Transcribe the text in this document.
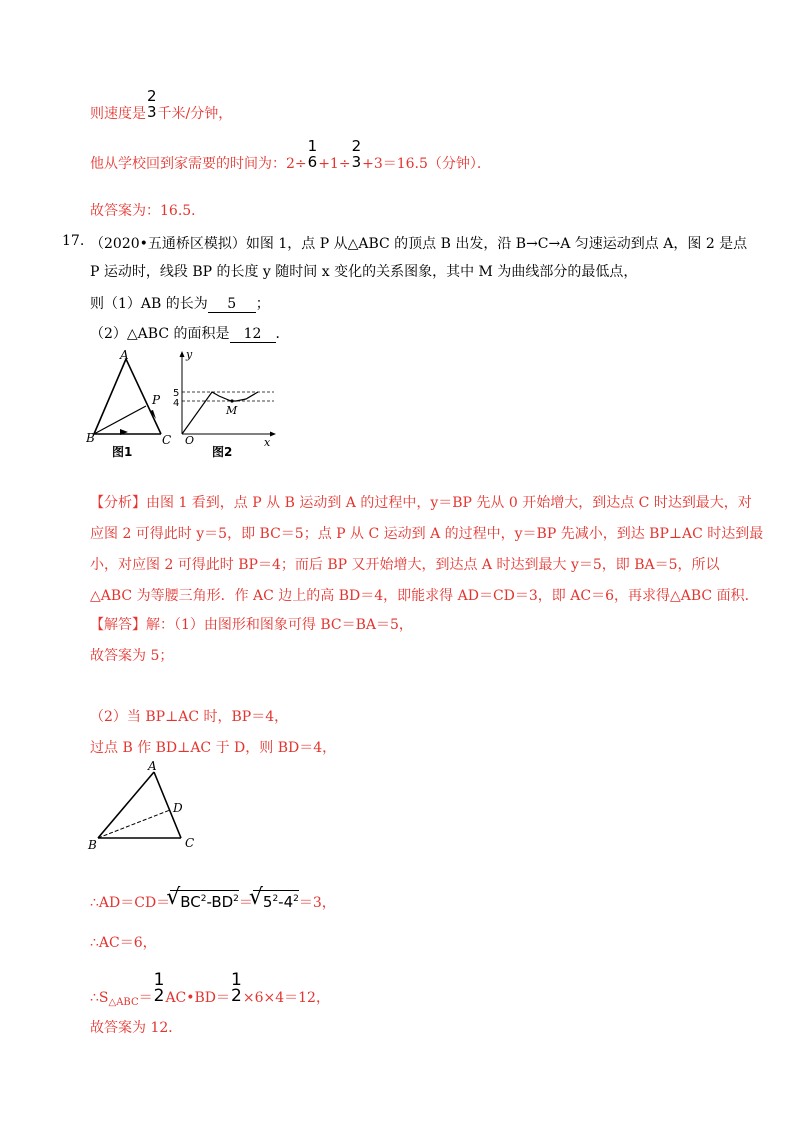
则速度是
2
3 千米/分钟，
他从学校回到家需要的时间为：2÷
1
6 +1÷
2
3 +3＝16.5（分钟）．
故答案为：16.5．
17. （2020•五通桥区模拟）如图 1，点 P 从△ABC 的顶点 B 出发，沿 B→C→A 匀速运动到点 A，图 2 是点
P 运动时，线段 BP 的长度 y 随时间 x 变化的关系图象，其中 M 为曲线部分的最低点，
则（1）AB 的长为 5 ；
（2）△ABC 的面积是 12 ．
A
B	C
P
图1
y
x
O
M
5
4
图2
【分析】由图 1 看到，点 P 从 B 运动到 A 的过程中，y＝BP 先从 0 开始增大，到达点 C 时达到最大，对
应图 2 可得此时 y＝5，即 BC＝5；点 P 从 C 运动到 A 的过程中，y＝BP 先减小，到达 BP⊥AC 时达到最
小，对应图 2 可得此时 BP＝4；而后 BP 又开始增大，到达点 A 时达到最大 y＝5，即 BA＝5，所以
△ABC 为等腰三角形．作 AC 边上的高 BD＝4，即能求得 AD＝CD＝3，即 AC＝6，再求得△ABC 面积．
【解答】解：（1）由图形和图象可得 BC＝BA＝5，
故答案为 5；
（2）当 BP⊥AC 时，BP＝4，
过点 B 作 BD⊥AC 于 D，则 BD＝4，
A
B	C
D
∴AD＝CD＝√ $BC^2-BD^2=√$ $5^2-4^2=3$，
∴AC＝6，
$\therefore S_{\triangle ABC}=$
1
2 AC•BD＝
1
2 ×6×4＝12，
故答案为 12．
